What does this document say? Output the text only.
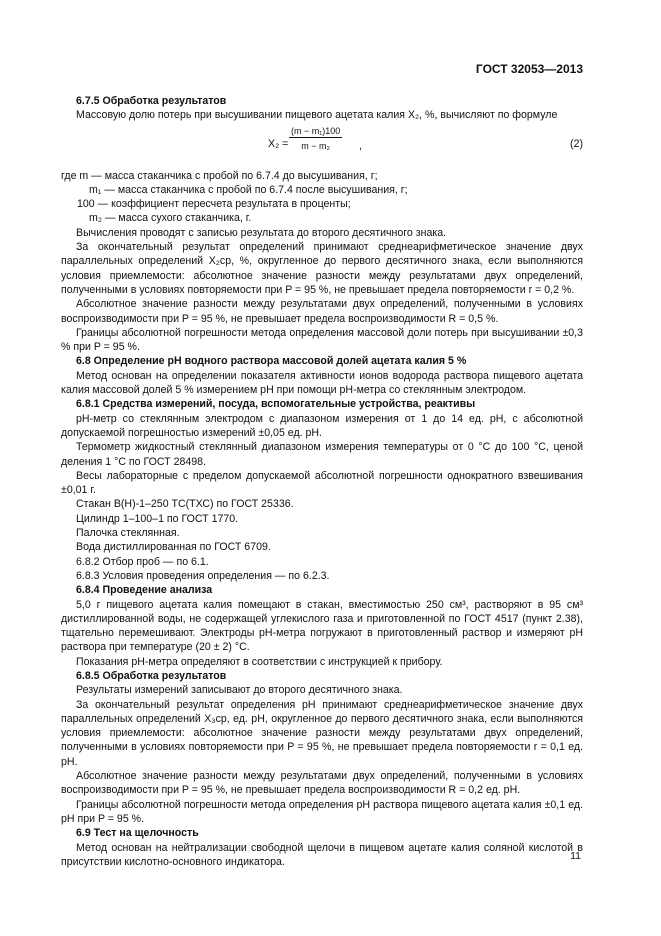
ГОСТ 32053—2013

6.7.5 Обработка результатов

Массовую долю потерь при высушивании пищевого ацетата калия X₂, %, вычисляют по формуле

$X_2 = \frac{\text{(m − m₁)100}}{\text{m − m₂}}$ ,	(2)

где m — масса стаканчика с пробой по 6.7.4 до высушивания, г;

m₁ — масса стаканчика с пробой по 6.7.4 после высушивания, г;

100 — коэффициент пересчета результата в проценты;

m₂ — масса сухого стаканчика, г.

Вычисления проводят с записью результата до второго десятичного знака.

За окончательный результат определений принимают среднеарифметическое значение двух параллельных определений X₂ср, %, округленное до первого десятичного знака, если выполняются условия приемлемости: абсолютное значение разности между результатами двух определений, полученными в условиях повторяемости при P = 95 %, не превышает предела повторяемости r = 0,2 %.

Абсолютное значение разности между результатами двух определений, полученными в условиях воспроизводимости при P = 95 %, не превышает предела воспроизводимости R = 0,5 %.

Границы абсолютной погрешности метода определения массовой доли потерь при высушивании ±0,3 % при P = 95 %.

6.8 Определение pH водного раствора массовой долей ацетата калия 5 %

Метод основан на определении показателя активности ионов водорода раствора пищевого ацетата калия массовой долей 5 % измерением pH при помощи pH-метра со стеклянным электродом.

6.8.1 Средства измерений, посуда, вспомогательные устройства, реактивы

pH-метр со стеклянным электродом с диапазоном измерения от 1 до 14 ед. pH, с абсолютной допускаемой погрешностью измерений ±0,05 ед. pH.

Термометр жидкостный стеклянный диапазоном измерения температуры от 0 °C до 100 °C, ценой деления 1 °C по ГОСТ 28498.

Весы лабораторные с пределом допускаемой абсолютной погрешности однократного взвешивания ±0,01 г.

Стакан В(Н)-1–250 ТС(ТХС) по ГОСТ 25336.

Цилиндр 1–100–1 по ГОСТ 1770.

Палочка стеклянная.

Вода дистиллированная по ГОСТ 6709.

6.8.2 Отбор проб — по 6.1.

6.8.3 Условия проведения определения — по 6.2.3.

6.8.4 Проведение анализа

5,0 г пищевого ацетата калия помещают в стакан, вместимостью 250 см³, растворяют в 95 см³ дистиллированной воды, не содержащей углекислого газа и приготовленной по ГОСТ 4517 (пункт 2.38), тщательно перемешивают. Электроды pH-метра погружают в приготовленный раствор и измеряют pH раствора при температуре (20 ± 2) °C.

Показания pH-метра определяют в соответствии с инструкцией к прибору.

6.8.5 Обработка результатов

Результаты измерений записывают до второго десятичного знака.

За окончательный результат определения pH принимают среднеарифметическое значение двух параллельных определений X₃ср, ед. pH, округленное до первого десятичного знака, если выполняются условия приемлемости: абсолютное значение разности между результатами двух определений, полученными в условиях повторяемости при P = 95 %, не превышает предела повторяемости r = 0,1 ед. pH.

Абсолютное значение разности между результатами двух определений, полученными в условиях воспроизводимости при P = 95 %, не превышает предела воспроизводимости R = 0,2 ед. pH.

Границы абсолютной погрешности метода определения pH раствора пищевого ацетата калия ±0,1 ед. pH при P = 95 %.

6.9 Тест на щелочность

Метод основан на нейтрализации свободной щелочи в пищевом ацетате калия соляной кислотой в присутствии кислотно-основного индикатора.	11
